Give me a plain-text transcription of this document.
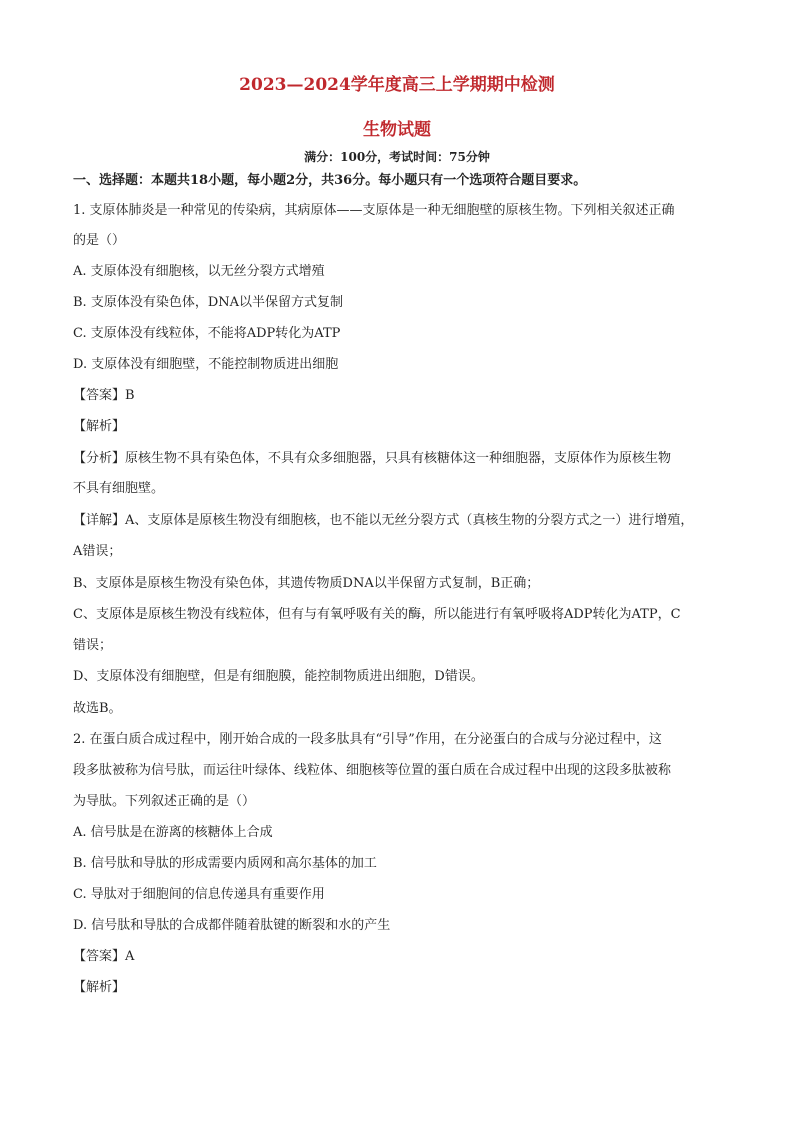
2023—2024学年度高三上学期期中检测
生物试题
满分：100分，考试时间：75分钟
一、选择题：本题共18小题，每小题2分，共36分。每小题只有一个选项符合题目要求。
1. 支原体肺炎是一种常见的传染病，其病原体——支原体是一种无细胞壁的原核生物。下列相关叙述正确
的是（）
A. 支原体没有细胞核，以无丝分裂方式增殖
B. 支原体没有染色体，DNA以半保留方式复制
C. 支原体没有线粒体，不能将ADP转化为ATP
D. 支原体没有细胞壁，不能控制物质进出细胞
【答案】B
【解析】
【分析】原核生物不具有染色体，不具有众多细胞器，只具有核糖体这一种细胞器，支原体作为原核生物
不具有细胞壁。
【详解】A、支原体是原核生物没有细胞核，也不能以无丝分裂方式（真核生物的分裂方式之一）进行增殖，
A错误；
B、支原体是原核生物没有染色体，其遗传物质DNA以半保留方式复制，B正确；
C、支原体是原核生物没有线粒体，但有与有氧呼吸有关的酶，所以能进行有氧呼吸将ADP转化为ATP，C
错误；
D、支原体没有细胞壁，但是有细胞膜，能控制物质进出细胞，D错误。
故选B。
2. 在蛋白质合成过程中，刚开始合成的一段多肽具有“引导”作用，在分泌蛋白的合成与分泌过程中，这
段多肽被称为信号肽，而运往叶绿体、线粒体、细胞核等位置的蛋白质在合成过程中出现的这段多肽被称
为导肽。下列叙述正确的是（）
A. 信号肽是在游离的核糖体上合成
B. 信号肽和导肽的形成需要内质网和高尔基体的加工
C. 导肽对于细胞间的信息传递具有重要作用
D. 信号肽和导肽的合成都伴随着肽键的断裂和水的产生
【答案】A
【解析】
